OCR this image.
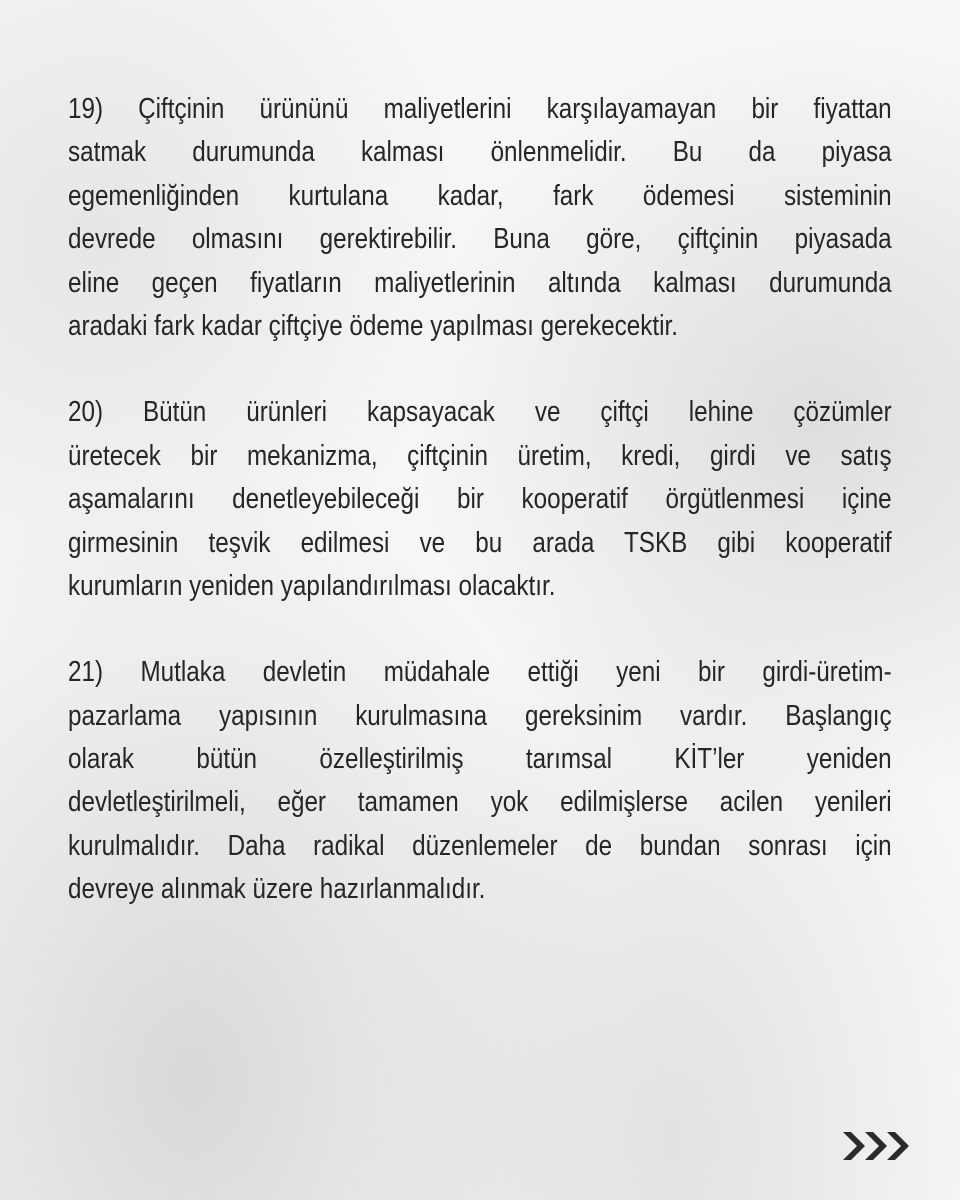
19) Çiftçinin ürününü maliyetlerini karşılayamayan bir fiyattan
satmak durumunda kalması önlenmelidir. Bu da piyasa
egemenliğinden kurtulana kadar, fark ödemesi sisteminin
devrede olmasını gerektirebilir. Buna göre, çiftçinin piyasada
eline geçen fiyatların maliyetlerinin altında kalması durumunda
aradaki fark kadar çiftçiye ödeme yapılması gerekecektir.
20) Bütün ürünleri kapsayacak ve çiftçi lehine çözümler
üretecek bir mekanizma, çiftçinin üretim, kredi, girdi ve satış
aşamalarını denetleyebileceği bir kooperatif örgütlenmesi içine
girmesinin teşvik edilmesi ve bu arada TSKB gibi kooperatif
kurumların yeniden yapılandırılması olacaktır.
21) Mutlaka devletin müdahale ettiği yeni bir girdi-üretim-
pazarlama yapısının kurulmasına gereksinim vardır. Başlangıç
olarak bütün özelleştirilmiş tarımsal KİT’ler yeniden
devletleştirilmeli, eğer tamamen yok edilmişlerse acilen yenileri
kurulmalıdır. Daha radikal düzenlemeler de bundan sonrası için
devreye alınmak üzere hazırlanmalıdır.
